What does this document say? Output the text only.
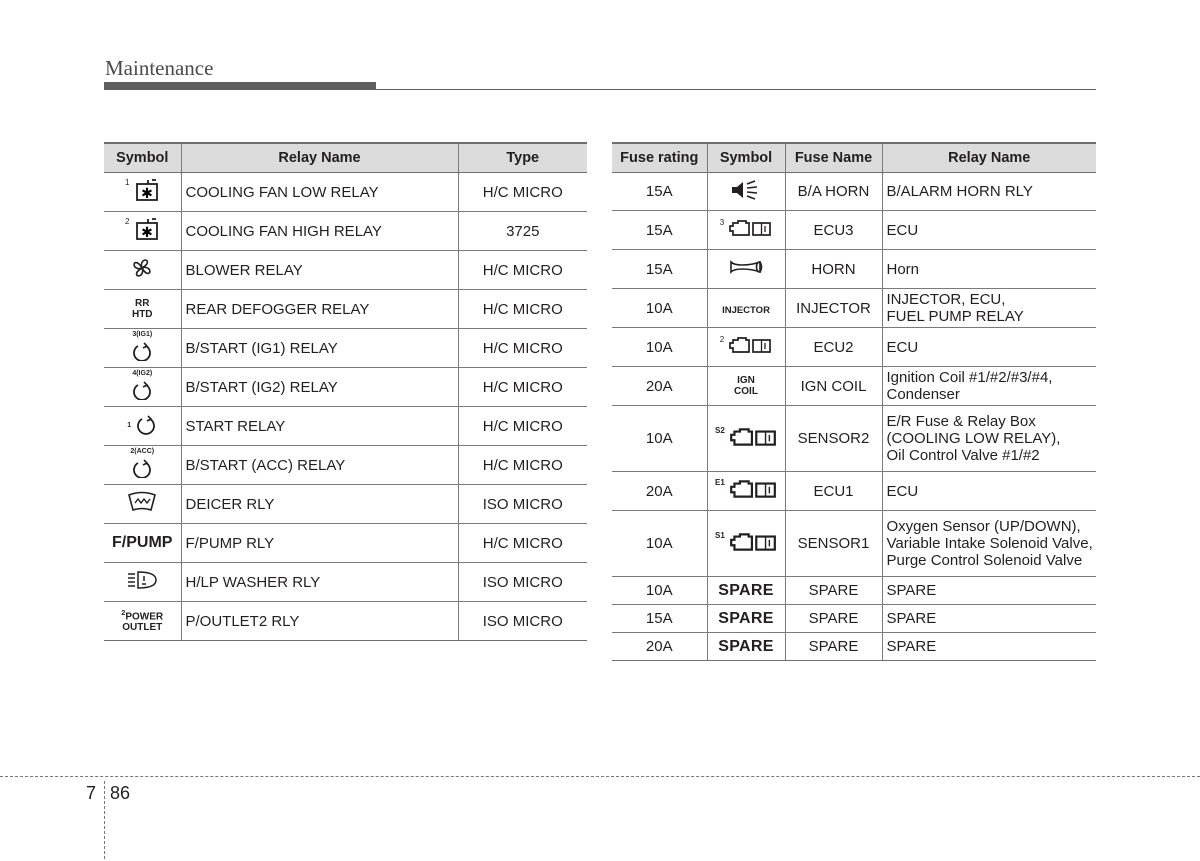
Maintenance
Symbol	Relay Name	Type
$^1$
✱	COOLING FAN LOW RELAY	H/C MICRO
$^2$
✱	COOLING FAN HIGH RELAY	3725
	BLOWER RELAY	H/C MICRO
RR
HTD	REAR DEFOGGER RELAY	H/C MICRO
$^{3(IG1)}$	B/START (IG1) RELAY	H/C MICRO
$^{4(IG2)}$	B/START (IG2) RELAY	H/C MICRO
$^1$	START RELAY	H/C MICRO
$^{2(ACC)}$	B/START (ACC) RELAY	H/C MICRO
	DEICER RLY	ISO MICRO
F/PUMP	F/PUMP RLY	H/C MICRO
	H/LP WASHER RLY	ISO MICRO
$^2$POWER
OUTLET	P/OUTLET2 RLY	ISO MICRO
Fuse rating	Symbol	Fuse Name	Relay Name
15A		B/A HORN	B/ALARM HORN RLY
15A	$^3$	ECU3	ECU
15A		HORN	Horn
10A	INJECTOR	INJECTOR	INJECTOR, ECU,
FUEL PUMP RELAY
10A	$^2$	ECU2	ECU
20A	IGN
COIL	IGN COIL	Ignition Coil #1/#2/#3/#4,
Condenser
10A	$^{S2}$	SENSOR2	E/R Fuse & Relay Box
(COOLING LOW RELAY),
Oil Control Valve #1/#2
20A	$^{E1}$	ECU1	ECU
10A	$^{S1}$	SENSOR1	Oxygen Sensor (UP/DOWN),
Variable Intake Solenoid Valve,
Purge Control Solenoid Valve
10A	SPARE	SPARE	SPARE
15A	SPARE	SPARE	SPARE
20A	SPARE	SPARE	SPARE
7 86
